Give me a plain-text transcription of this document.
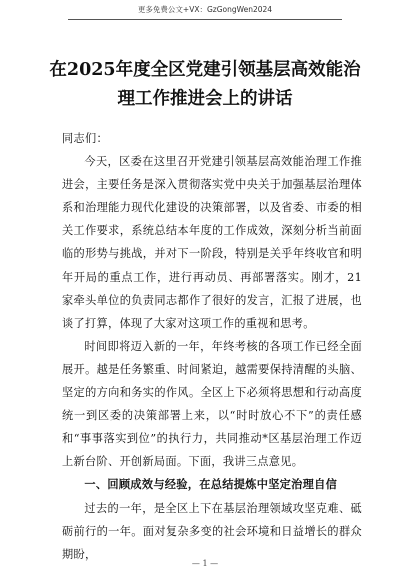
更多免费公文+VX：GzGongWen2024
在2025年度全区党建引领基层高效能治
理工作推进会上的讲话

同志们：

今天，区委在这里召开党建引领基层高效能治理工作推进会，主要任务是深入贯彻落实党中央关于加强基层治理体系和治理能力现代化建设的决策部署，以及省委、市委的相关工作要求，系统总结本年度的工作成效，深刻分析当前面临的形势与挑战，并对下一阶段，特别是关乎年终收官和明年开局的重点工作，进行再动员、再部署落实。刚才，21家牵头单位的负责同志都作了很好的发言，汇报了进展，也谈了打算，体现了大家对这项工作的重视和思考。

时间即将迈入新的一年，年终考核的各项工作已经全面展开。越是任务繁重、时间紧迫，越需要保持清醒的头脑、坚定的方向和务实的作风。全区上下必须将思想和行动高度统一到区委的决策部署上来，以“时时放心不下”的责任感和“事事落实到位”的执行力，共同推动*区基层治理工作迈上新台阶、开创新局面。下面，我讲三点意见。

一、回顾成效与经验，在总结提炼中坚定治理自信

过去的一年，是全区上下在基层治理领域攻坚克难、砥砺前行的一年。面对复杂多变的社会环境和日益增长的群众期盼，

— 1 —
